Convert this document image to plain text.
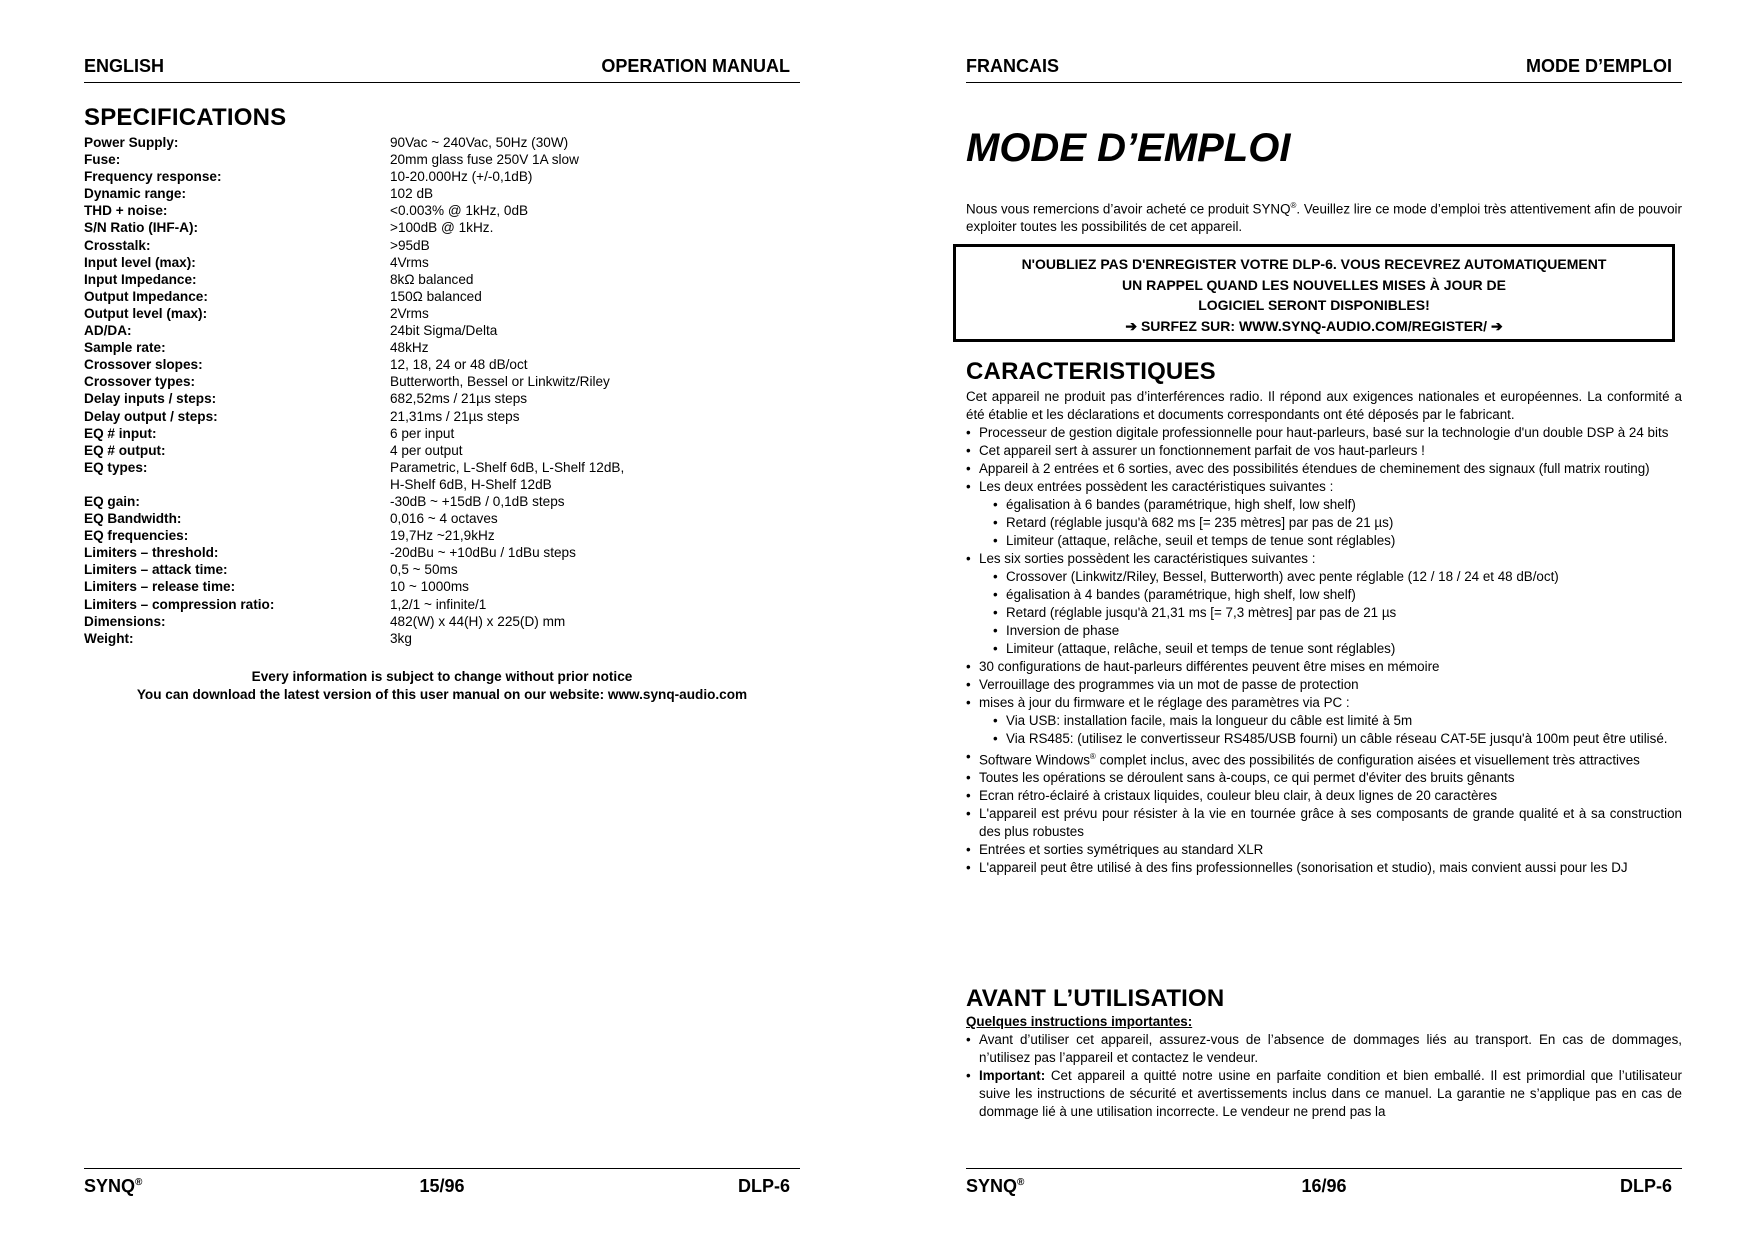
ENGLISH	OPERATION MANUAL
SPECIFICATIONS
Power Supply:	90Vac ~ 240Vac, 50Hz (30W)
Fuse:	20mm glass fuse 250V 1A slow
Frequency response:	10-20.000Hz (+/-0,1dB)
Dynamic range:	102 dB
THD + noise:	<0.003% @ 1kHz, 0dB
S/N Ratio (IHF-A):	>100dB @ 1kHz.
Crosstalk:	>95dB
Input level (max):	4Vrms
Input Impedance:	8kΩ balanced
Output Impedance:	150Ω balanced
Output level (max):	2Vrms
AD/DA:	24bit Sigma/Delta
Sample rate:	48kHz
Crossover slopes:	12, 18, 24 or 48 dB/oct
Crossover types:	Butterworth, Bessel or Linkwitz/Riley
Delay inputs / steps:	682,52ms / 21µs steps
Delay output / steps:	21,31ms / 21µs steps
EQ # input:	6 per input
EQ # output:	4 per output
EQ types:	Parametric, L-Shelf 6dB, L-Shelf 12dB,
	H-Shelf 6dB, H-Shelf 12dB
EQ gain:	-30dB ~ +15dB / 0,1dB steps
EQ Bandwidth:	0,016 ~ 4 octaves
EQ frequencies:	19,7Hz ~21,9kHz
Limiters – threshold:	-20dBu ~ +10dBu / 1dBu steps
Limiters – attack time:	0,5 ~ 50ms
Limiters – release time:	10 ~ 1000ms
Limiters – compression ratio:	1,2/1 ~ infinite/1
Dimensions:	482(W) x 44(H) x 225(D) mm
Weight:	3kg
Every information is subject to change without prior notice
You can download the latest version of this user manual on our website: www.synq-audio.com
SYNQ®	15/96	DLP-6
FRANCAIS	MODE D’EMPLOI
MODE D’EMPLOI

Nous vous remercions d’avoir acheté ce produit SYNQ®. Veuillez lire ce mode d’emploi très attentivement afin de pouvoir exploiter toutes les possibilités de cet appareil.

N'OUBLIEZ PAS D'ENREGISTER VOTRE DLP-6. VOUS RECEVREZ AUTOMATIQUEMENT
UN RAPPEL QUAND LES NOUVELLES MISES À JOUR DE
LOGICIEL SERONT DISPONIBLES!
➔ SURFEZ SUR: WWW.SYNQ-AUDIO.COM/REGISTER/ ➔
CARACTERISTIQUES

Cet appareil ne produit pas d’interférences radio. Il répond aux exigences nationales et européennes. La conformité a été établie et les déclarations et documents correspondants ont été déposés par le fabricant.

• Processeur de gestion digitale professionnelle pour haut-parleurs, basé sur la technologie d'un double DSP à 24 bits
• Cet appareil sert à assurer un fonctionnement parfait de vos haut-parleurs !
• Appareil à 2 entrées et 6 sorties, avec des possibilités étendues de cheminement des signaux (full matrix routing)
• Les deux entrées possèdent les caractéristiques suivantes :
• égalisation à 6 bandes (paramétrique, high shelf, low shelf)
• Retard (réglable jusqu'à 682 ms [= 235 mètres] par pas de 21 µs)
• Limiteur (attaque, relâche, seuil et temps de tenue sont réglables)
• Les six sorties possèdent les caractéristiques suivantes :
• Crossover (Linkwitz/Riley, Bessel, Butterworth) avec pente réglable (12 / 18 / 24 et 48 dB/oct)
• égalisation à 4 bandes (paramétrique, high shelf, low shelf)
• Retard (réglable jusqu'à 21,31 ms [= 7,3 mètres] par pas de 21 µs
• Inversion de phase
• Limiteur (attaque, relâche, seuil et temps de tenue sont réglables)
• 30 configurations de haut-parleurs différentes peuvent être mises en mémoire
• Verrouillage des programmes via un mot de passe de protection
• mises à jour du firmware et le réglage des paramètres via PC :
• Via USB: installation facile, mais la longueur du câble est limité à 5m
• Via RS485: (utilisez le convertisseur RS485/USB fourni) un câble réseau CAT-5E jusqu'à 100m peut être utilisé.
• Software Windows® complet inclus, avec des possibilités de configuration aisées et visuellement très attractives
• Toutes les opérations se déroulent sans à-coups, ce qui permet d'éviter des bruits gênants
• Ecran rétro-éclairé à cristaux liquides, couleur bleu clair, à deux lignes de 20 caractères
• L'appareil est prévu pour résister à la vie en tournée grâce à ses composants de grande qualité et à sa construction des plus robustes
• Entrées et sorties symétriques au standard XLR
• L'appareil peut être utilisé à des fins professionnelles (sonorisation et studio), mais convient aussi pour les DJ
AVANT L’UTILISATION
Quelques instructions importantes:
• Avant d’utiliser cet appareil, assurez-vous de l’absence de dommages liés au transport. En cas de dommages, n’utilisez pas l’appareil et contactez le vendeur.
• Important: Cet appareil a quitté notre usine en parfaite condition et bien emballé. Il est primordial que l’utilisateur suive les instructions de sécurité et avertissements inclus dans ce manuel. La garantie ne s’applique pas en cas de dommage lié à une utilisation incorrecte. Le vendeur ne prend pas la
SYNQ®	16/96	DLP-6
